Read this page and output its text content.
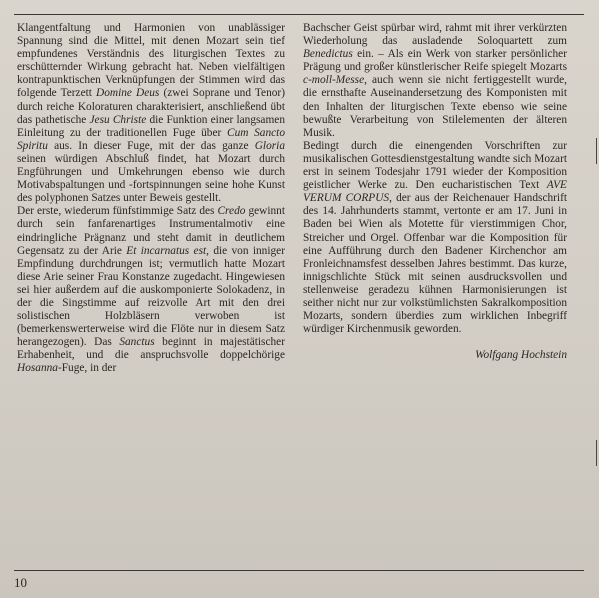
Klangentfaltung und Harmonien von unablässiger Spannung sind die Mittel, mit denen Mozart sein tief empfundenes Verständnis des liturgischen Textes zu erschütternder Wirkung gebracht hat. Neben vielfältigen kontrapunktischen Verknüpfungen der Stimmen wird das folgende Terzett Domine Deus (zwei Soprane und Tenor) durch reiche Koloraturen charakterisiert, anschließend übt das pathetische Jesu Christe die Funktion einer langsamen Einleitung zu der traditionellen Fuge über Cum Sancto Spiritu aus. In dieser Fuge, mit der das ganze Gloria seinen würdigen Abschluß findet, hat Mozart durch Engführungen und Umkehrungen ebenso wie durch Motivabspaltungen und -fortspinnungen seine hohe Kunst des polyphonen Satzes unter Beweis gestellt.

Der erste, wiederum fünfstimmige Satz des Credo gewinnt durch sein fanfarenartiges Instrumentalmotiv eine eindringliche Prägnanz und steht damit in deutlichem Gegensatz zu der Arie Et incarnatus est, die von inniger Empfindung durchdrungen ist; vermutlich hatte Mozart diese Arie seiner Frau Konstanze zugedacht. Hingewiesen sei hier außerdem auf die auskomponierte Solokadenz, in der die Singstimme auf reizvolle Art mit den drei solistischen Holzbläsern verwoben ist (bemerkenswerterweise wird die Flöte nur in diesem Satz herangezogen). Das Sanctus beginnt in majestätischer Erhabenheit, und die anspruchsvolle doppelchörige Hosanna-Fuge, in der

Bachscher Geist spürbar wird, rahmt mit ihrer verkürzten Wiederholung das ausladende Soloquartett zum Benedictus ein. – Als ein Werk von starker persönlicher Prägung und großer künstlerischer Reife spiegelt Mozarts c-moll-Messe, auch wenn sie nicht fertiggestellt wurde, die ernsthafte Auseinandersetzung des Komponisten mit den Inhalten der liturgischen Texte ebenso wie seine bewußte Verarbeitung von Stilelementen der älteren Musik.

Bedingt durch die einengenden Vorschriften zur musikalischen Gottesdienstgestaltung wandte sich Mozart erst in seinem Todesjahr 1791 wieder der Komposition geistlicher Werke zu. Den eucharistischen Text AVE VERUM CORPUS, der aus der Reichenauer Handschrift des 14. Jahrhunderts stammt, vertonte er am 17. Juni in Baden bei Wien als Motette für vierstimmigen Chor, Streicher und Orgel. Offenbar war die Komposition für eine Aufführung durch den Badener Kirchenchor am Fronleichnamsfest desselben Jahres bestimmt. Das kurze, innigschlichte Stück mit seinen ausdrucksvollen und stellenweise geradezu kühnen Harmonisierungen ist seither nicht nur zur volkstümlichsten Sakralkomposition Mozarts, sondern überdies zum wirklichen Inbegriff würdiger Kirchenmusik geworden.

Wolfgang Hochstein
10
